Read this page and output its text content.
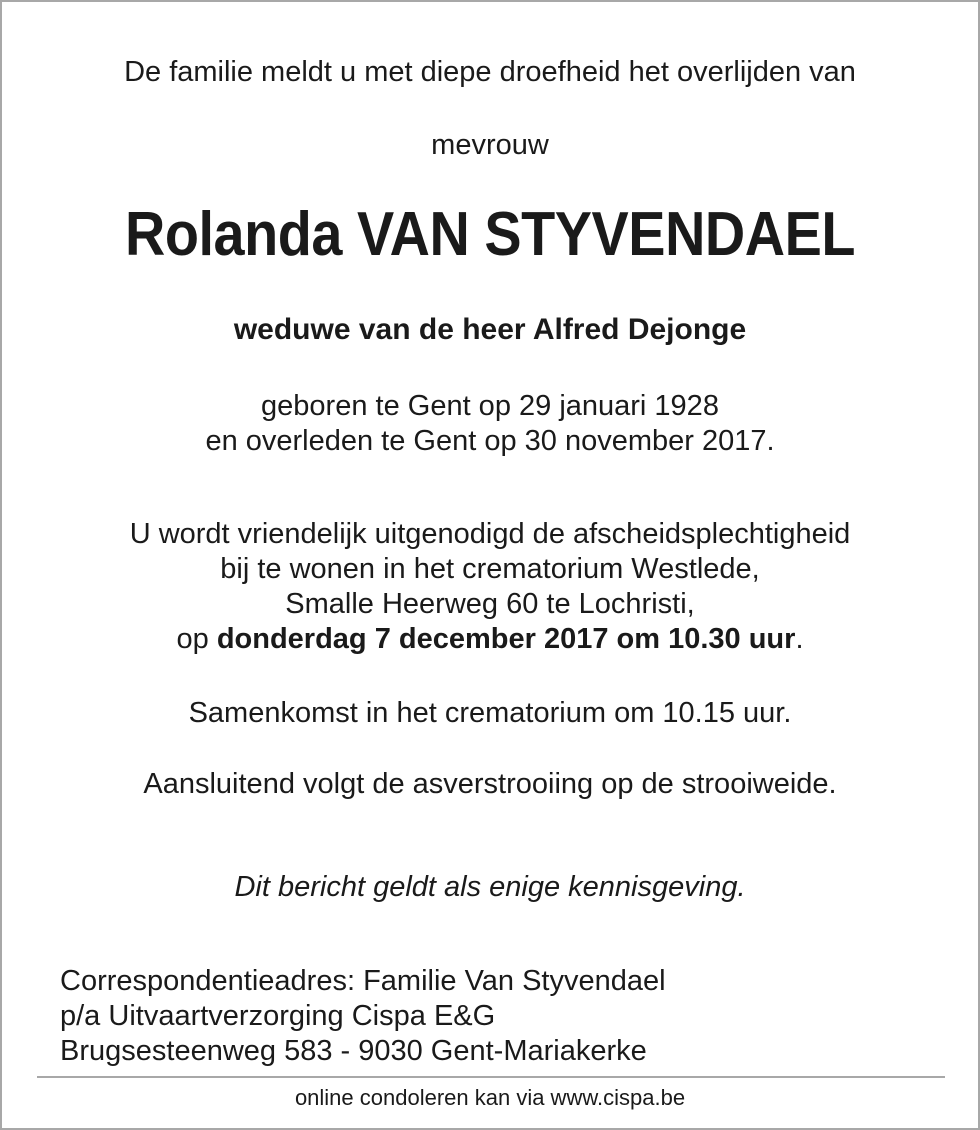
De familie meldt u met diepe droefheid het overlijden van
mevrouw
Rolanda VAN STYVENDAEL
weduwe van de heer Alfred Dejonge
geboren te Gent op 29 januari 1928
en overleden te Gent op 30 november 2017.
U wordt vriendelijk uitgenodigd de afscheidsplechtigheid
bij te wonen in het crematorium Westlede,
Smalle Heerweg 60 te Lochristi,
op donderdag 7 december 2017 om 10.30 uur.
Samenkomst in het crematorium om 10.15 uur.
Aansluitend volgt de asverstrooiing op de strooiweide.
Dit bericht geldt als enige kennisgeving.
Correspondentieadres: Familie Van Styvendael
p/a Uitvaartverzorging Cispa E&G
Brugsesteenweg 583 - 9030 Gent-Mariakerke
online condoleren kan via www.cispa.be
